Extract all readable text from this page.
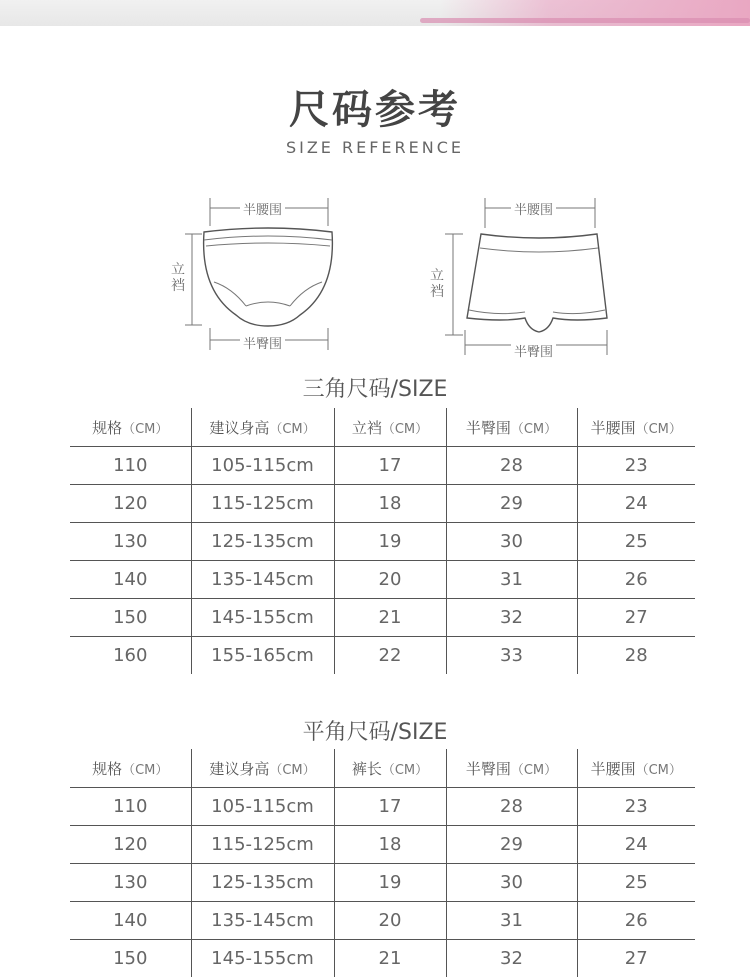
尺码参考
SIZE REFERENCE
半腰围
半臀围
立裆
半腰围
半臀围
立裆
三角尺码/SIZE
规格（CM）	建议身高（CM）	立裆（CM）	半臀围（CM）	半腰围（CM）
110	105-115cm	17	28	23
120	115-125cm	18	29	24
130	125-135cm	19	30	25
140	135-145cm	20	31	26
150	145-155cm	21	32	27
160	155-165cm	22	33	28
平角尺码/SIZE
规格（CM）	建议身高（CM）	裤长（CM）	半臀围（CM）	半腰围（CM）
110	105-115cm	17	28	23
120	115-125cm	18	29	24
130	125-135cm	19	30	25
140	135-145cm	20	31	26
150	145-155cm	21	32	27
